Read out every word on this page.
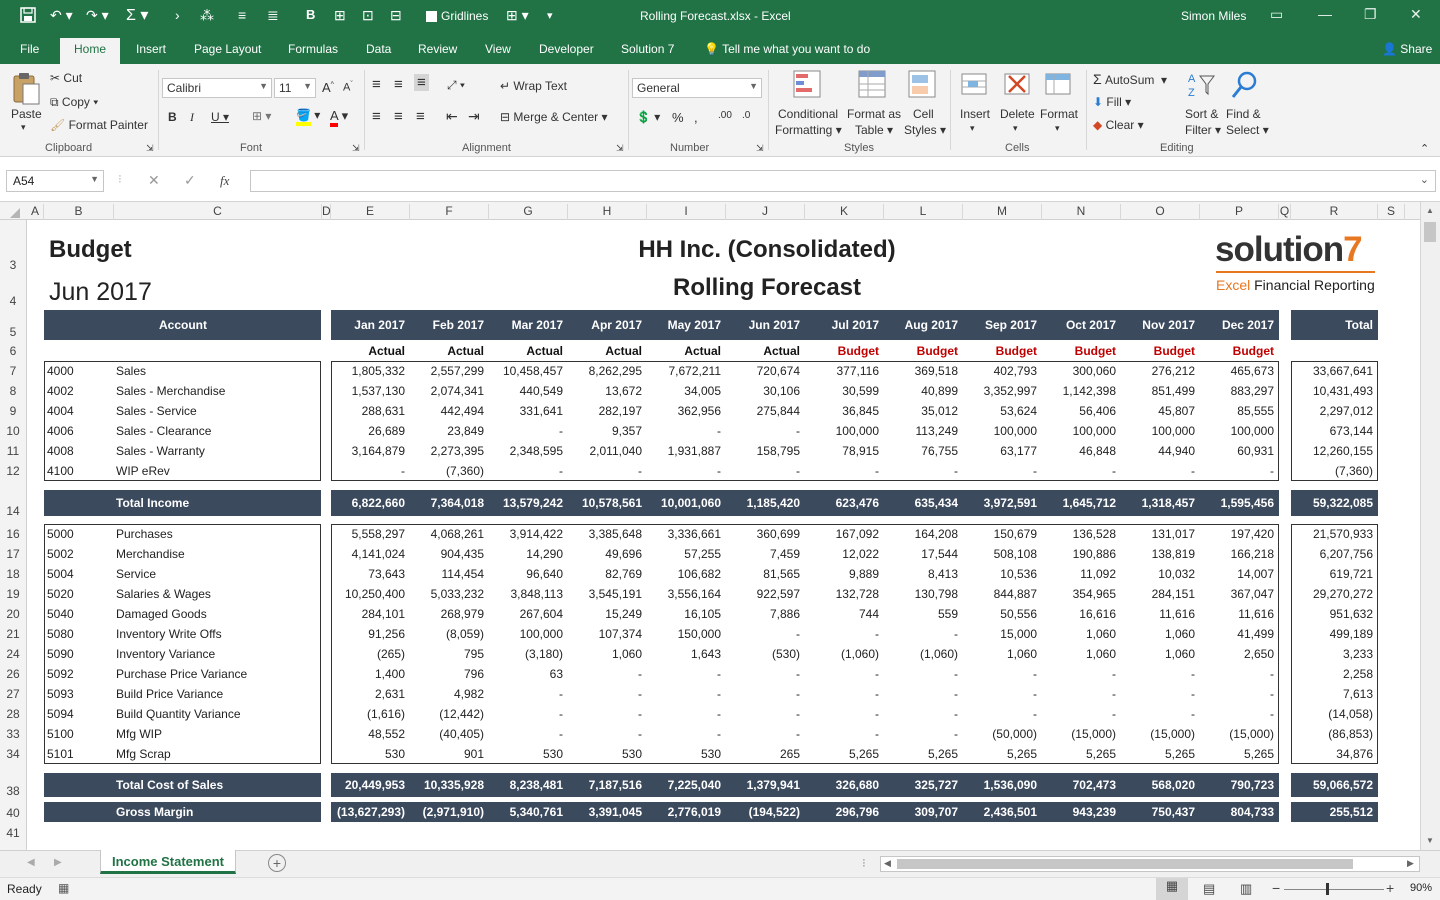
↶ ▾ ↷ ▾ Σ ▾ › ⁂ ≡ ≣ B ⊞ ⊡ ⊟	Gridlines ⊞ ▾ ▾	Rolling Forecast.xlsx - Excel	Simon Miles ▭ — ❐ ✕
File	Home	Insert Page Layout Formulas Data Review View Developer Solution 7 💡 Tell me what you want to do	👤 Share
Paste
▾
✂ Cut
⧉ Copy ▾
🖌 Format Painter
Clipboard	⇲
Calibri	▼ 11 ▼ A^ $A^ˇ$
B I U ▾ ⊞ ▾ 🪣 ▾ A ▾
Font	⇲
≡ ≡ ≡ ⤢ ▾	↵ Wrap Text
≡ ≡ ≡ ⇤ ⇥ ⊟ Merge & Center ▾
Alignment	⇲
General	▼
💲 ▾ % , .00 .0
Number	⇲
Conditional
Formatting ▾
Format as
Table ▾
Cell
Styles ▾
Styles
Insert
▾
Delete
▾
Format
▾
Cells
Σ AutoSum  ▾
⬇ Fill ▾
◆ Clear ▾
A
Z
Sort &
Filter ▾
Find &
Select ▾
Editing	⌃
A54	▼ ⁝ ✕ ✓ fx	⌄
A	B	C	D	E	F	G	H	I	J	K	L	M	N	O	P	Q	R	S
3
4
5
6
7
8
9
10
11
12
14
16
17
18
19
20
21
24
26
27
28
33
34
38
40
41
Budget
Jun 2017
HH Inc. (Consolidated)
Rolling Forecast
solution7
Excel Financial Reporting
Account	Jan 2017	Feb 2017	Mar 2017	Apr 2017	May 2017	Jun 2017	Jul 2017	Aug 2017	Sep 2017	Oct 2017	Nov 2017	Dec 2017	Total
Actual	Actual	Actual	Actual	Actual	Actual	Budget	Budget	Budget	Budget	Budget	Budget
4000	Sales	1,805,332	2,557,299	10,458,457	8,262,295	7,672,211	720,674	377,116	369,518	402,793	300,060	276,212	465,673	33,667,641
4002	Sales - Merchandise	1,537,130	2,074,341	440,549	13,672	34,005	30,106	30,599	40,899	3,352,997	1,142,398	851,499	883,297	10,431,493
4004	Sales - Service	288,631	442,494	331,641	282,197	362,956	275,844	36,845	35,012	53,624	56,406	45,807	85,555	2,297,012
4006	Sales - Clearance	26,689	23,849	-	9,357	-	-	100,000	113,249	100,000	100,000	100,000	100,000	673,144
4008	Sales - Warranty	3,164,879	2,273,395	2,348,595	2,011,040	1,931,887	158,795	78,915	76,755	63,177	46,848	44,940	60,931	12,260,155
4100	WIP eRev	-	(7,360)	-	-	-	-	-	-	-	-	-	-	(7,360)
5000	Purchases	5,558,297	4,068,261	3,914,422	3,385,648	3,336,661	360,699	167,092	164,208	150,679	136,528	131,017	197,420	21,570,933
5002	Merchandise	4,141,024	904,435	14,290	49,696	57,255	7,459	12,022	17,544	508,108	190,886	138,819	166,218	6,207,756
5004	Service	73,643	114,454	96,640	82,769	106,682	81,565	9,889	8,413	10,536	11,092	10,032	14,007	619,721
5020	Salaries & Wages	10,250,400	5,033,232	3,848,113	3,545,191	3,556,164	922,597	132,728	130,798	844,887	354,965	284,151	367,047	29,270,272
5040	Damaged Goods	284,101	268,979	267,604	15,249	16,105	7,886	744	559	50,556	16,616	11,616	11,616	951,632
5080	Inventory Write Offs	91,256	(8,059)	100,000	107,374	150,000	-	-	-	15,000	1,060	1,060	41,499	499,189
5090	Inventory Variance	(265)	795	(3,180)	1,060	1,643	(530)	(1,060)	(1,060)	1,060	1,060	1,060	2,650	3,233
5092	Purchase Price Variance	1,400	796	63	-	-	-	-	-	-	-	-	-	2,258
5093	Build Price Variance	2,631	4,982	-	-	-	-	-	-	-	-	-	-	7,613
5094	Build Quantity Variance	(1,616)	(12,442)	-	-	-	-	-	-	-	-	-	-	(14,058)
5100	Mfg WIP	48,552	(40,405)	-	-	-	-	-	-	(50,000)	(15,000)	(15,000)	(15,000)	(86,853)
5101	Mfg Scrap	530	901	530	530	530	265	5,265	5,265	5,265	5,265	5,265	5,265	34,876
Total Income	6,822,660	7,364,018	13,579,242	10,578,561	10,001,060	1,185,420	623,476	635,434	3,972,591	1,645,712	1,318,457	1,595,456	59,322,085
Total Cost of Sales	20,449,953	10,335,928	8,238,481	7,187,516	7,225,040	1,379,941	326,680	325,727	1,536,090	702,473	568,020	790,723	59,066,572
Gross Margin	(13,627,293)	(2,971,910)	5,340,761	3,391,045	2,776,019	(194,522)	296,796	309,707	2,436,501	943,239	750,437	804,733	255,512
▲
▼
◀ ▶	Income Statement	+	⁝ ◀	▶
Ready ▦	▦	▤ ▥ −	+ 90%
